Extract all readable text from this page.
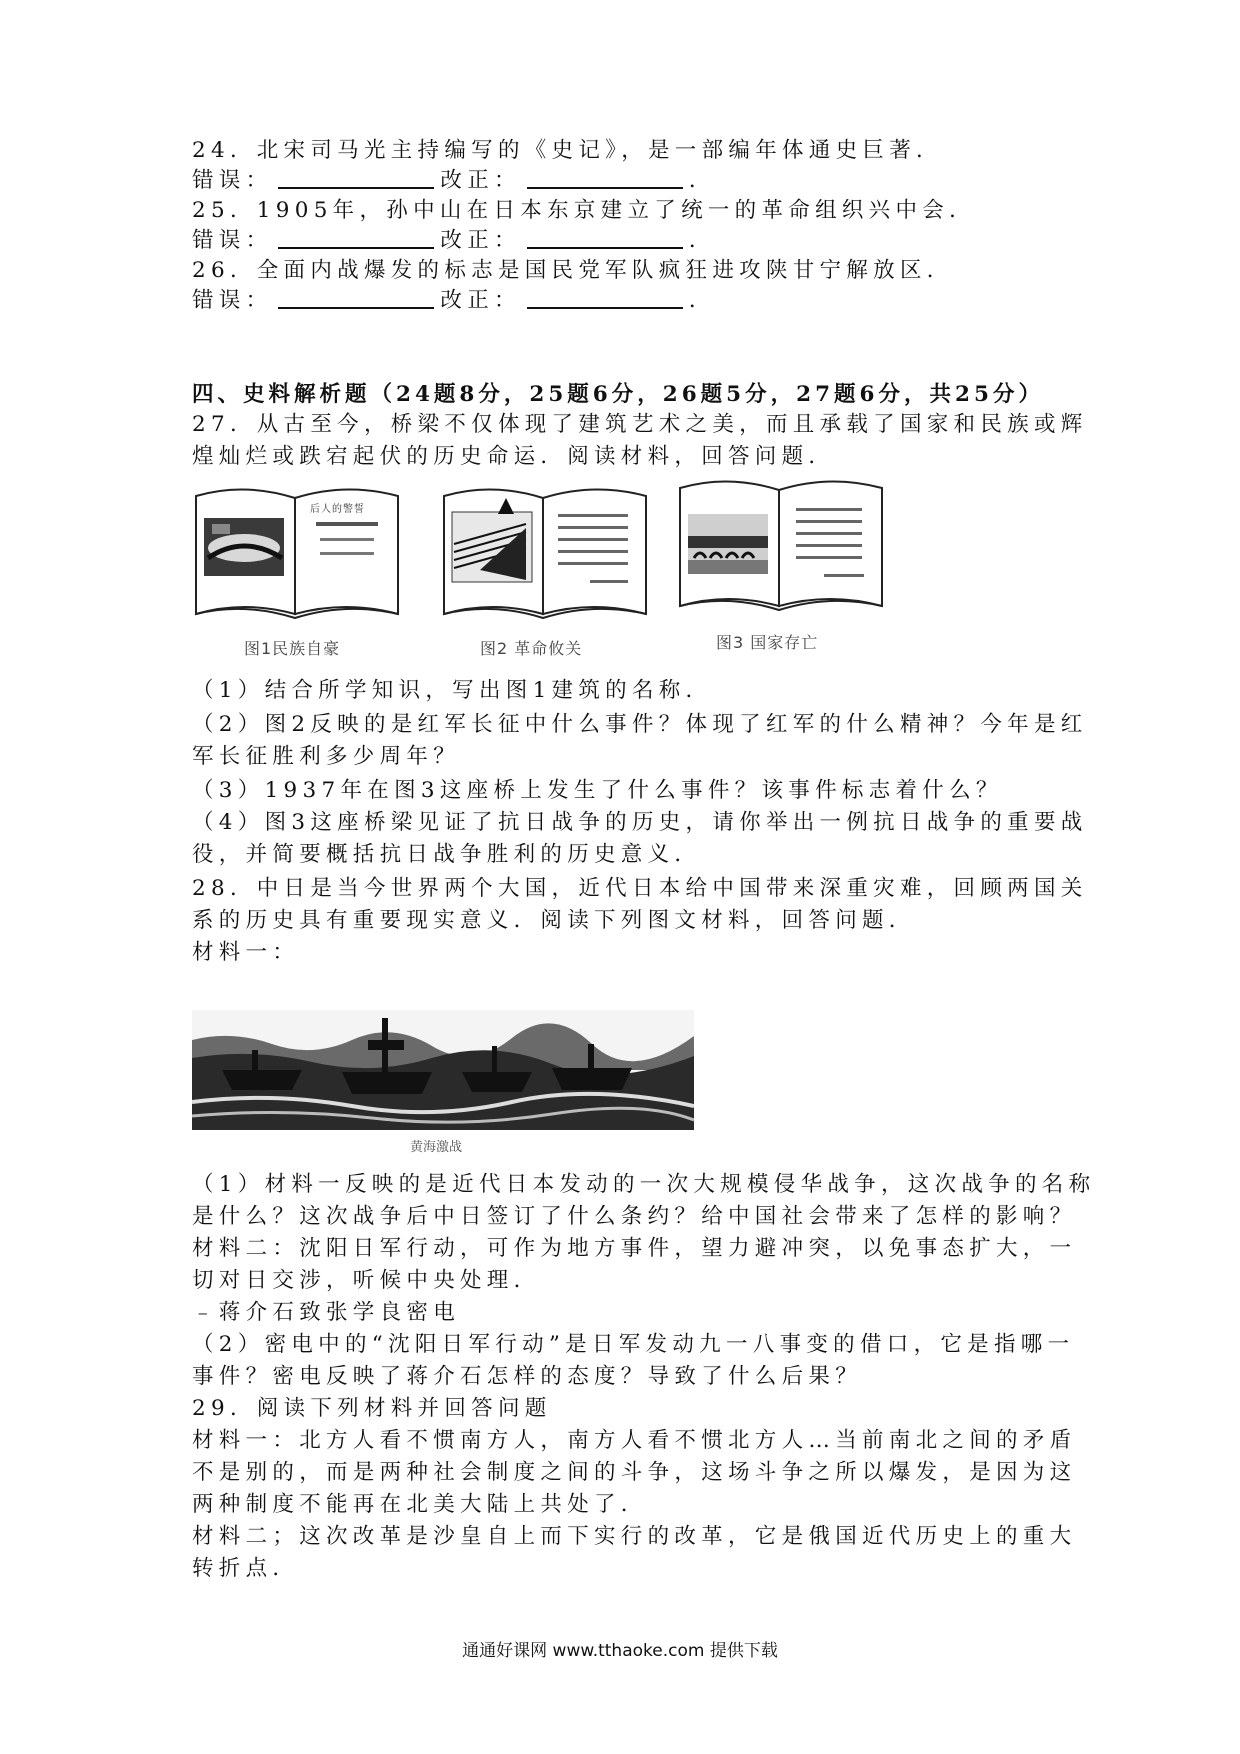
24．北宋司马光主持编写的《史记》，是一部编年体通史巨著．
错误：	改正：	．
25．1905年，孙中山在日本东京建立了统一的革命组织兴中会．
错误：	改正：	．
26．全面内战爆发的标志是国民党军队疯狂进攻陕甘宁解放区．
错误：	改正：	．
四、史料解析题（24题8分，25题6分，26题5分，27题6分，共25分）
27．从古至今，桥梁不仅体现了建筑艺术之美，而且承载了国家和民族或辉
煌灿烂或跌宕起伏的历史命运．阅读材料，回答问题．
后人的警誓
图1民族自豪	图2 革命攸关	图3 国家存亡
（1）结合所学知识，写出图1建筑的名称．
（2）图2反映的是红军长征中什么事件？体现了红军的什么精神？今年是红
军长征胜利多少周年？
（3）1937年在图3这座桥上发生了什么事件？该事件标志着什么？
（4）图3这座桥梁见证了抗日战争的历史，请你举出一例抗日战争的重要战
役，并简要概括抗日战争胜利的历史意义．
28．中日是当今世界两个大国，近代日本给中国带来深重灾难，回顾两国关
系的历史具有重要现实意义．阅读下列图文材料，回答问题．
材料一：
黄海激战
（1）材料一反映的是近代日本发动的一次大规模侵华战争，这次战争的名称
是什么？这次战争后中日签订了什么条约？给中国社会带来了怎样的影响？
材料二：沈阳日军行动，可作为地方事件，望力避冲突，以免事态扩大，一
切对日交涉，听候中央处理．
﹣蒋介石致张学良密电
（2）密电中的“沈阳日军行动”是日军发动九一八事变的借口，它是指哪一
事件？密电反映了蒋介石怎样的态度？导致了什么后果？
29．阅读下列材料并回答问题
材料一：北方人看不惯南方人，南方人看不惯北方人…当前南北之间的矛盾
不是别的，而是两种社会制度之间的斗争，这场斗争之所以爆发，是因为这
两种制度不能再在北美大陆上共处了．
材料二；这次改革是沙皇自上而下实行的改革，它是俄国近代历史上的重大
转折点．
通通好课网 www.tthaoke.com 提供下载
